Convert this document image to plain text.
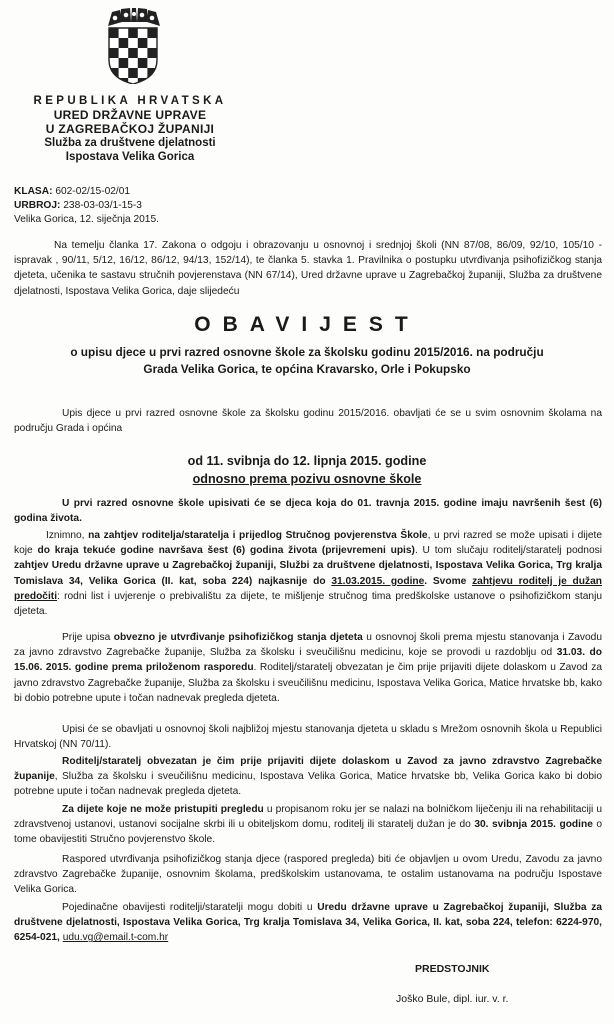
REPUBLIKA HRVATSKA
URED DRŽAVNE UPRAVE
U ZAGREBAČKOJ ŽUPANIJI
Služba za društvene djelatnosti
Ispostava Velika Gorica
KLASA: 602-02/15-02/01
URBROJ: 238-03-03/1-15-3
Velika Gorica, 12. siječnja 2015.
Na temelju članka 17. Zakona o odgoju i obrazovanju u osnovnoj i srednjoj školi (NN 87/08, 86/09, 92/10, 105/10 - ispravak , 90/11, 5/12, 16/12, 86/12, 94/13, 152/14), te članka 5. stavka 1. Pravilnika o postupku utvrđivanja psihofizičkog stanja djeteta, učenika te sastavu stručnih povjerenstava (NN 67/14), Ured državne uprave u Zagrebačkoj županiji, Služba za društvene djelatnosti, Ispostava Velika Gorica, daje slijedeću
OBAVIJEST
o upisu djece u prvi razred osnovne škole za školsku godinu 2015/2016. na području
Grada Velika Gorica, te općina Kravarsko, Orle i Pokupsko
Upis djece u prvi razred osnovne škole za školsku godinu 2015/2016. obavljati će se u svim osnovnim školama na području Grada i općina
od 11. svibnja do 12. lipnja 2015. godine
odnosno prema pozivu osnovne škole
U prvi razred osnovne škole upisivati će se djeca koja do 01. travnja 2015. godine imaju navršenih šest (6) godina života.
Iznimno, na zahtjev roditelja/staratelja i prijedlog Stručnog povjerenstva Škole, u prvi razred se može upisati i dijete koje do kraja tekuće godine navršava šest (6) godina života (prijevremeni upis). U tom slučaju roditelj/staratelj podnosi zahtjev Uredu državne uprave u Zagrebačkoj županiji, Službi za društvene djelatnosti, Ispostava Velika Gorica, Trg kralja Tomislava 34, Velika Gorica (II. kat, soba 224) najkasnije do 31.03.2015. godine. Svome zahtjevu roditelj je dužan predočiti: rodni list i uvjerenje o prebivalištu za dijete, te mišljenje stručnog tima predškolske ustanove o psihofizičkom stanju djeteta.
Prije upisa obvezno je utvrđivanje psihofizičkog stanja djeteta u osnovnoj školi prema mjestu stanovanja i Zavodu za javno zdravstvo Zagrebačke županije, Služba za školsku i sveučilišnu medicinu, koje se provodi u razdoblju od 31.03. do 15.06. 2015. godine prema priloženom rasporedu. Roditelj/staratelj obvezatan je čim prije prijaviti dijete dolaskom u Zavod za javno zdravstvo Zagrebačke županije, Služba za školsku i sveučilišnu medicinu, Ispostava Velika Gorica, Matice hrvatske bb, kako bi dobio potrebne upute i točan nadnevak pregleda djeteta.
Upisi će se obavljati u osnovnoj školi najbližoj mjestu stanovanja djeteta u skladu s Mrežom osnovnih škola u Republici Hrvatskoj (NN 70/11).
Roditelj/staratelj obvezatan je čim prije prijaviti dijete dolaskom u Zavod za javno zdravstvo Zagrebačke županije, Služba za školsku i sveučilišnu medicinu, Ispostava Velika Gorica, Matice hrvatske bb, Velika Gorica kako bi dobio potrebne upute i točan nadnevak pregleda djeteta.
Za dijete koje ne može pristupiti pregledu u propisanom roku jer se nalazi na bolničkom liječenju ili na rehabilitaciji u zdravstvenoj ustanovi, ustanovi socijalne skrbi ili u obiteljskom domu, roditelj ili staratelj dužan je do 30. svibnja 2015. godine o tome obavijestiti Stručno povjerenstvo škole.
Raspored utvrđivanja psihofizičkog stanja djece (raspored pregleda) biti će objavljen u ovom Uredu, Zavodu za javno zdravstvo Zagrebačke županije, osnovnim školama, predškolskim ustanovama, te ostalim ustanovama na području Ispostave Velika Gorica.
Pojedinačne obavijesti roditelji/staratelji mogu dobiti u Uredu državne uprave u Zagrebačkoj županiji, Služba za društvene djelatnosti, Ispostava Velika Gorica, Trg kralja Tomislava 34, Velika Gorica, II. kat, soba 224, telefon: 6224-970, 6254-021, udu.vg@email.t-com.hr
PREDSTOJNIK
Joško Bule, dipl. iur. v. r.
